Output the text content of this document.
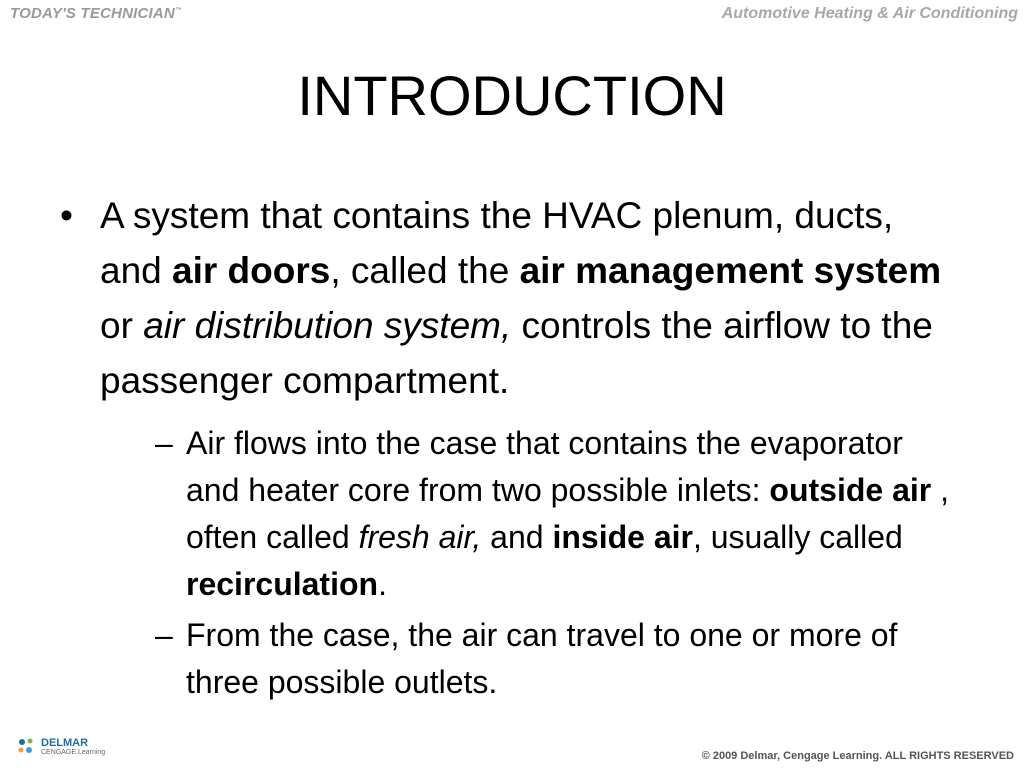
TODAY'S TECHNICIAN™	Automotive Heating & Air Conditioning
INTRODUCTION
• A system that contains the HVAC plenum, ducts, and air doors, called the air management system or air distribution system, controls the airflow to the passenger compartment.
– Air flows into the case that contains the evaporator and heater core from two possible inlets: outside air , often called fresh air, and inside air, usually called recirculation.
– From the case, the air can travel to one or more of three possible outlets.
DELMAR
CENGAGE Learning	© 2009 Delmar, Cengage Learning. ALL RIGHTS RESERVED
